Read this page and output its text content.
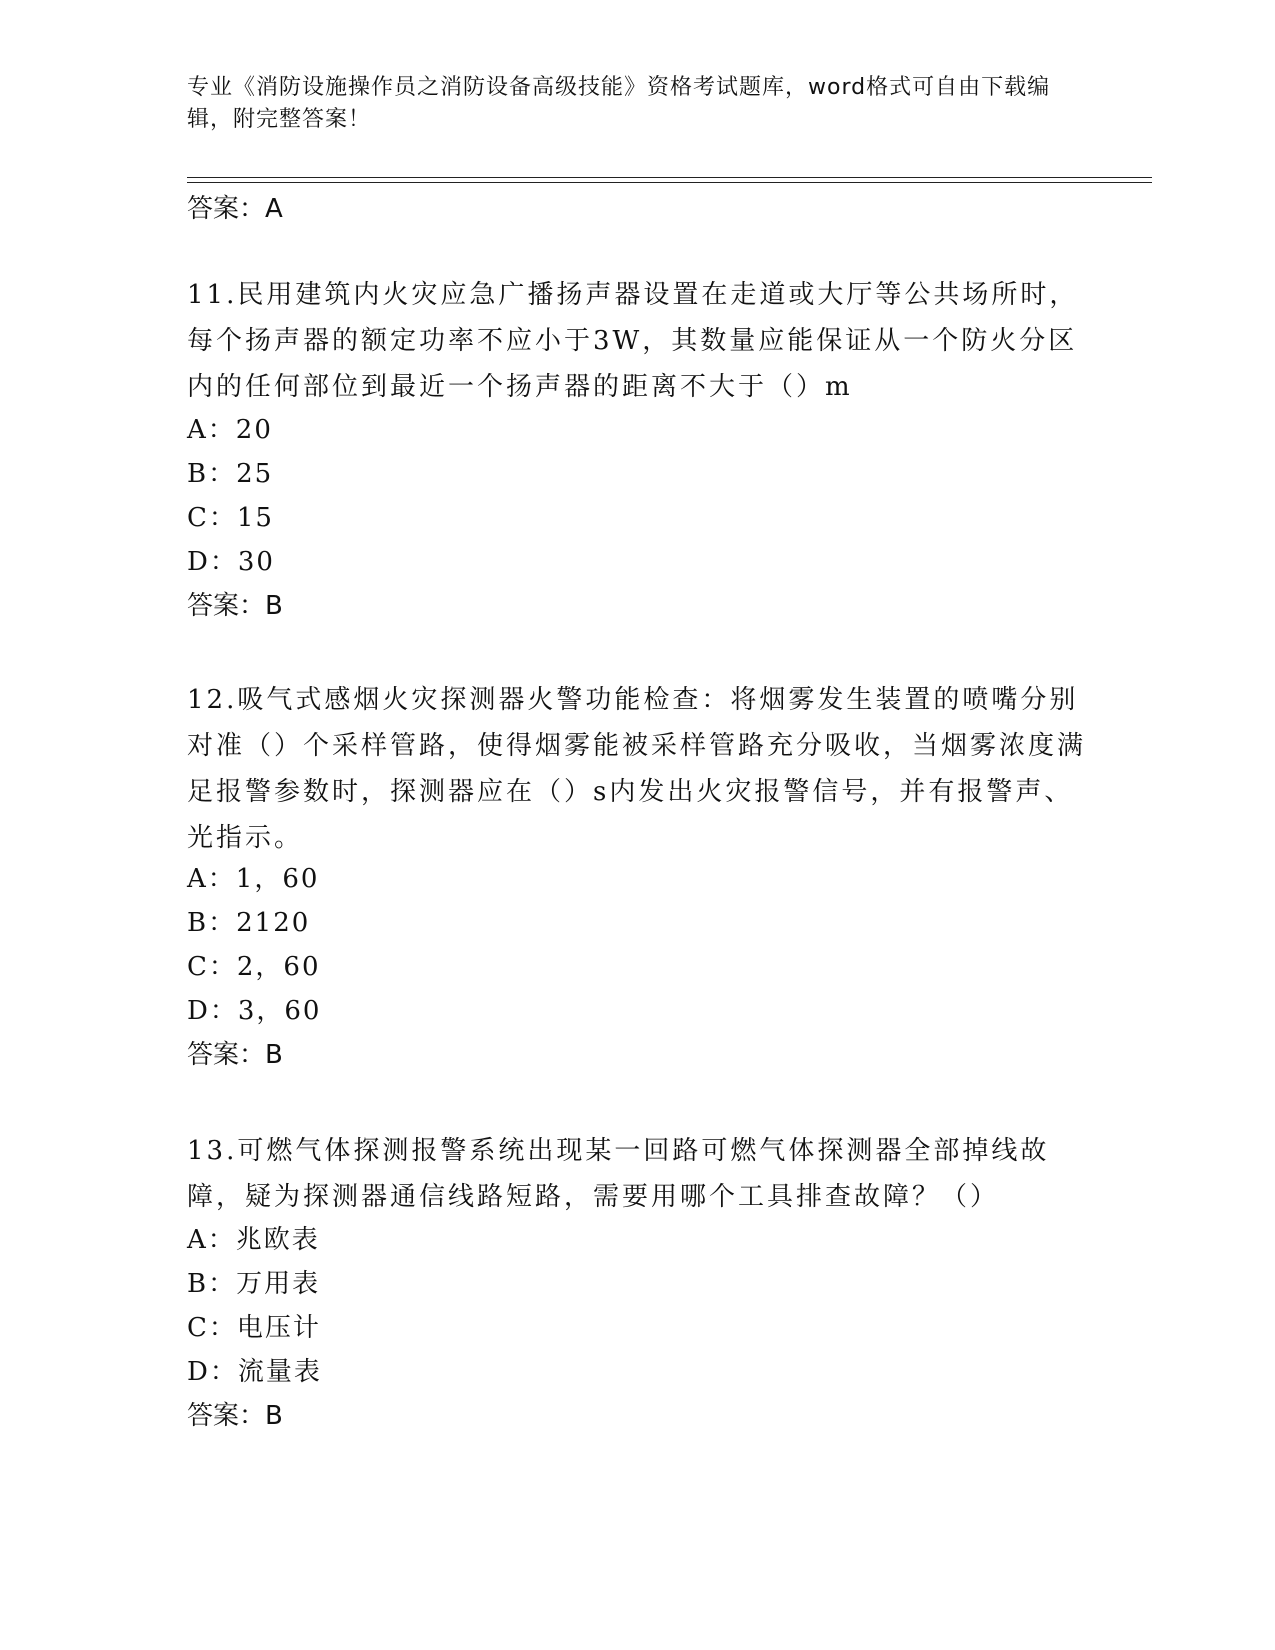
专业《消防设施操作员之消防设备高级技能》资格考试题库，word格式可自由下载编辑，附完整答案！
答案：A
11.民用建筑内火灾应急广播扬声器设置在走道或大厅等公共场所时，每个扬声器的额定功率不应小于3W，其数量应能保证从一个防火分区内的任何部位到最近一个扬声器的距离不大于（）m
A：20
B：25
C：15
D：30
答案：B
12.吸气式感烟火灾探测器火警功能检查：将烟雾发生装置的喷嘴分别对准（）个采样管路，使得烟雾能被采样管路充分吸收，当烟雾浓度满足报警参数时，探测器应在（）s内发出火灾报警信号，并有报警声、光指示。
A：1，60
B：2120
C：2，60
D：3，60
答案：B
13.可燃气体探测报警系统出现某一回路可燃气体探测器全部掉线故障，疑为探测器通信线路短路，需要用哪个工具排查故障？（）
A：兆欧表
B：万用表
C：电压计
D：流量表
答案：B
